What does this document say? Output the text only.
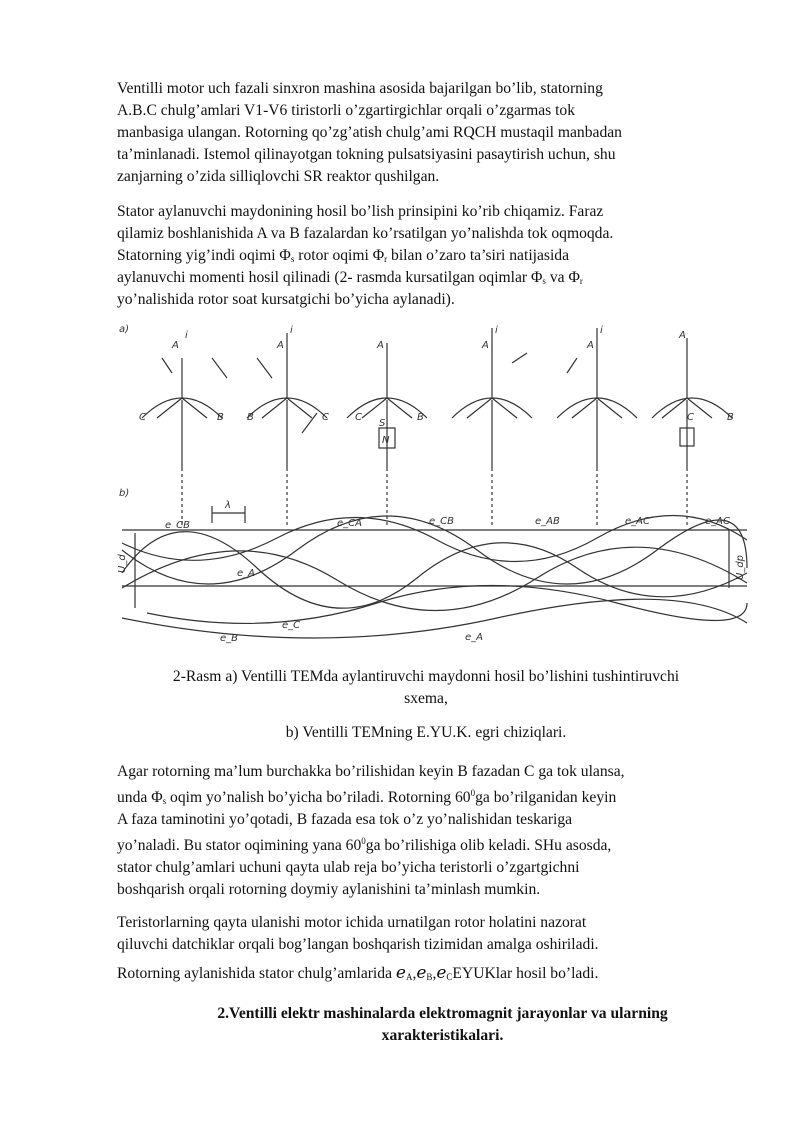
Ventilli motor uch fazali sinxron mashina asosida bajarilgan bo’lib, statorning
A.B.C chulg’amlari V1-V6 tiristorli o’zgartirgichlar orqali o’zgarmas tok
manbasiga ulangan. Rotorning qo’zg’atish chulg’ami RQCH mustaqil manbadan
ta’minlanadi. Istemol qilinayotgan tokning pulsatsiyasini pasaytirish uchun, shu
zanjarning o’zida silliqlovchi SR reaktor qushilgan.
Stator aylanuvchi maydonining hosil bo’lish prinsipini ko’rib chiqamiz. Faraz
qilamiz boshlanishida A va B fazalardan ko’rsatilgan yo’nalishda tok oqmoqda.
Statorning yig’indi oqimi $\Phi_s$ rotor oqimi $\Phi_r$ bilan o’zaro ta’siri natijasida
aylanuvchi momenti hosil qilinadi (2- rasmda kursatilgan oqimlar $\Phi_s$ va $\Phi_r$
yo’nalishida rotor soat kursatgichi bo’yicha aylanadi).
a)
b)
A
i
C	B
A
i
B	C
A
C	B
N
S
A
i
A
i	A
B
C
e_CB	e_CA	e_CB	e_AB	e_AC	e_AC
e_A
e_B
e_C
e_A
λ
U_d	U_dp
2-Rasm a) Ventilli TEMda aylantiruvchi maydonni hosil bo’lishini tushintiruvchi
sxema,
b) Ventilli TEMning E.YU.K. egri chiziqlari.
Agar rotorning ma’lum burchakka bo’rilishidan keyin B fazadan C ga tok ulansa,
unda $\Phi_s$ oqim yo’nalish bo’yicha bo’riladi. Rotorning $60^0ga$ bo’rilganidan keyin
A faza taminotini yo’qotadi, B fazada esa tok o’z yo’nalishidan teskariga
yo’naladi. Bu stator oqimining yana $60^0ga$ bo’rilishiga olib keladi. SHu asosda,
stator chulg’amlari uchuni qayta ulab reja bo’yicha teristorli o’zgartgichni
boshqarish orqali rotorning doymiy aylanishini ta’minlash mumkin.
Teristorlarning qayta ulanishi motor ichida urnatilgan rotor holatini nazorat
qiluvchi datchiklar orqali bog’langan boshqarish tizimidan amalga oshiriladi.
Rotorning aylanishida stator chulg’amlarida $e_A,e_B,e_CEYUKlar$ hosil bo’ladi.
2.Ventilli elektr mashinalarda elektromagnit jarayonlar va ularning
xarakteristikalari.
